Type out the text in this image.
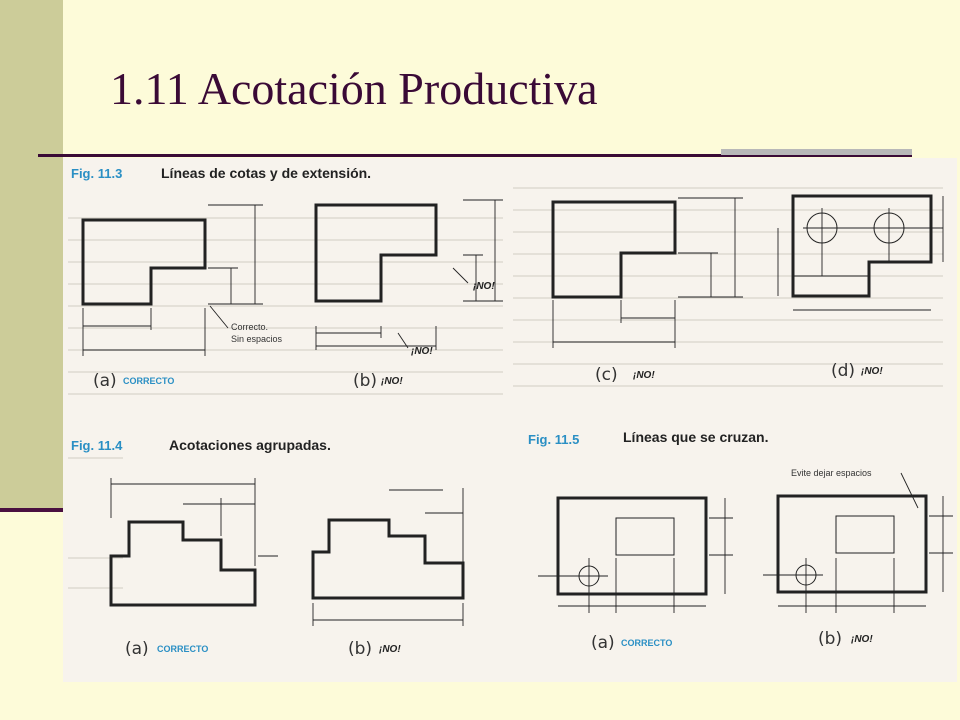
1.11 Acotación Productiva
Fig. 11.3	Líneas de cotas y de extensión.
Correcto.
Sin espacios
(a) CORRECTO
¡NO!
¡NO!
(b) ¡NO!	(c) ¡NO!	(d) ¡NO!
Fig. 11.4	Acotaciones agrupadas.
(a) CORRECTO	(b) ¡NO!
Fig. 11.5	Líneas que se cruzan.
(a) CORRECTO
Evite dejar espacios
(b) ¡NO!
